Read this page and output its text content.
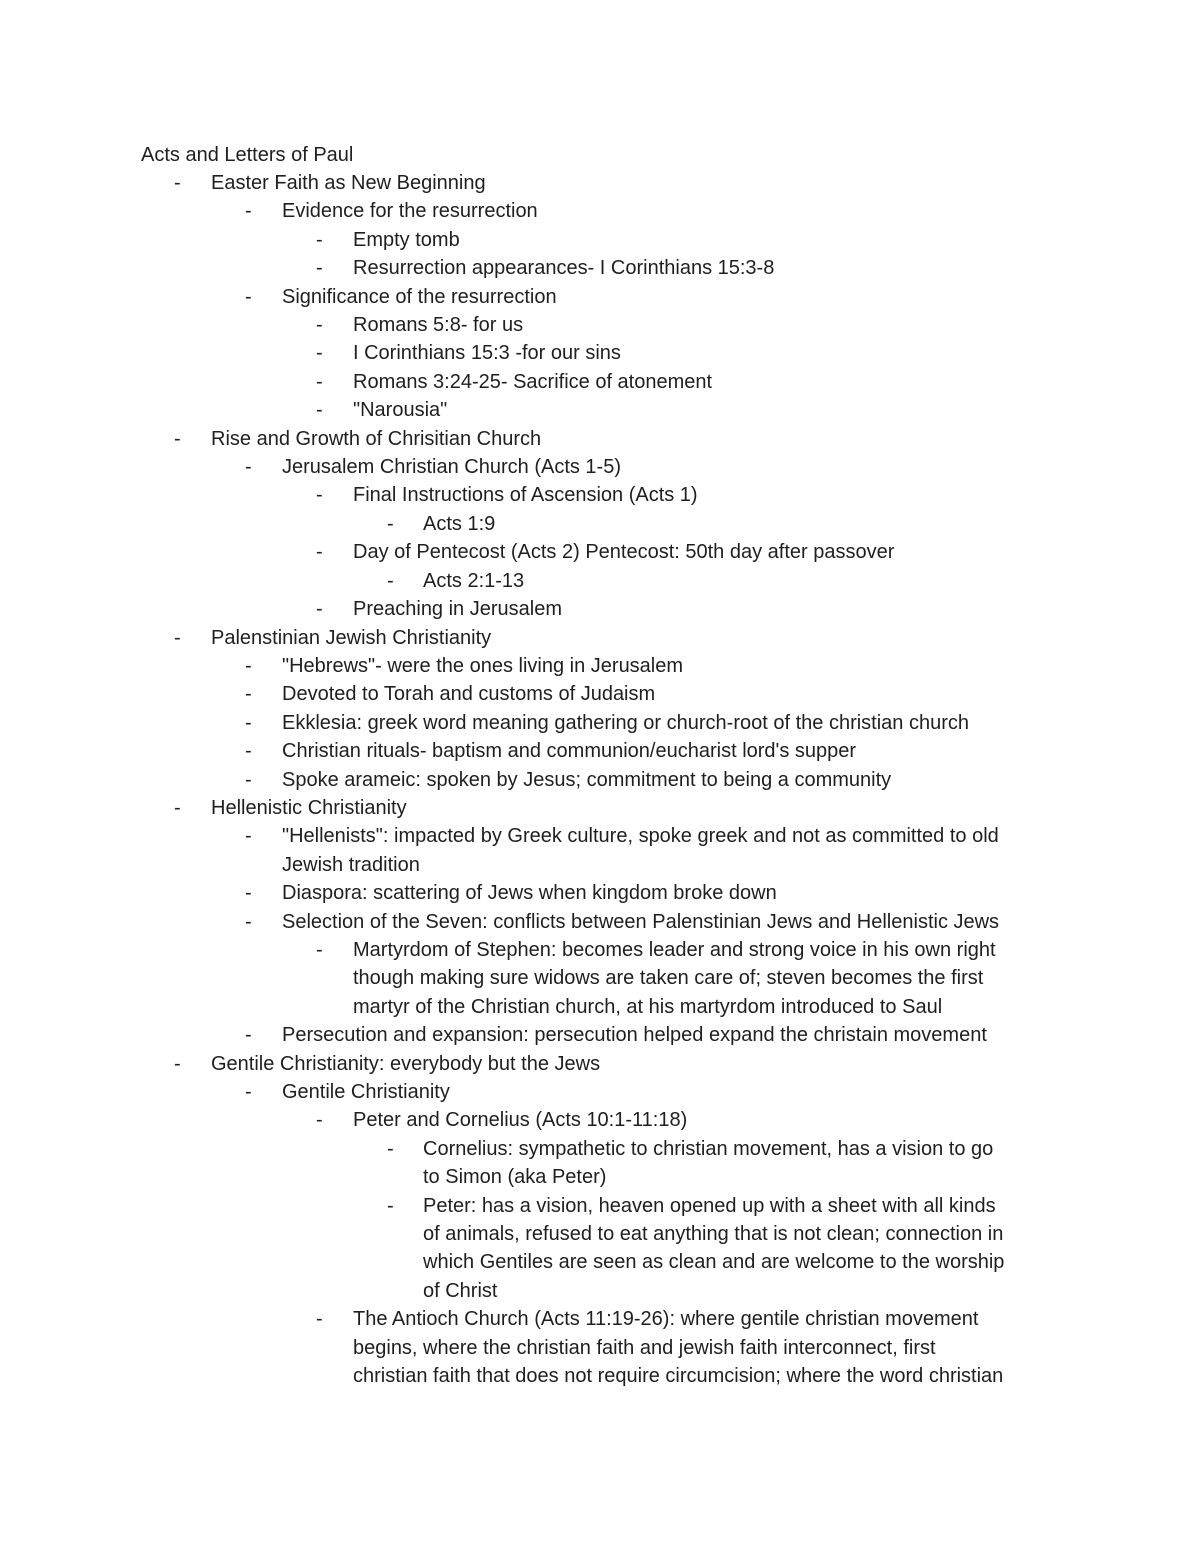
Acts and Letters of Paul
- Easter Faith as New Beginning
- Evidence for the resurrection
- Empty tomb
- Resurrection appearances- I Corinthians 15:3-8
- Significance of the resurrection
- Romans 5:8- for us
- I Corinthians 15:3 -for our sins
- Romans 3:24-25- Sacrifice of atonement
- "Narousia"
- Rise and Growth of Chrisitian Church
- Jerusalem Christian Church (Acts 1-5)
- Final Instructions of Ascension (Acts 1)
- Acts 1:9
- Day of Pentecost (Acts 2) Pentecost: 50th day after passover
- Acts 2:1-13
- Preaching in Jerusalem
- Palenstinian Jewish Christianity
- "Hebrews"- were the ones living in Jerusalem
- Devoted to Torah and customs of Judaism
- Ekklesia: greek word meaning gathering or church-root of the christian church
- Christian rituals- baptism and communion/eucharist lord's supper
- Spoke arameic: spoken by Jesus; commitment to being a community
- Hellenistic Christianity
- "Hellenists": impacted by Greek culture, spoke greek and not as committed to old
Jewish tradition
- Diaspora: scattering of Jews when kingdom broke down
- Selection of the Seven: conflicts between Palenstinian Jews and Hellenistic Jews
- Martyrdom of Stephen: becomes leader and strong voice in his own right
though making sure widows are taken care of; steven becomes the first
martyr of the Christian church, at his martyrdom introduced to Saul
- Persecution and expansion: persecution helped expand the christain movement
- Gentile Christianity: everybody but the Jews
- Gentile Christianity
- Peter and Cornelius (Acts 10:1-11:18)
- Cornelius: sympathetic to christian movement, has a vision to go
to Simon (aka Peter)
- Peter: has a vision, heaven opened up with a sheet with all kinds
of animals, refused to eat anything that is not clean; connection in
which Gentiles are seen as clean and are welcome to the worship
of Christ
- The Antioch Church (Acts 11:19-26): where gentile christian movement
begins, where the christian faith and jewish faith interconnect, first
christian faith that does not require circumcision; where the word christian
